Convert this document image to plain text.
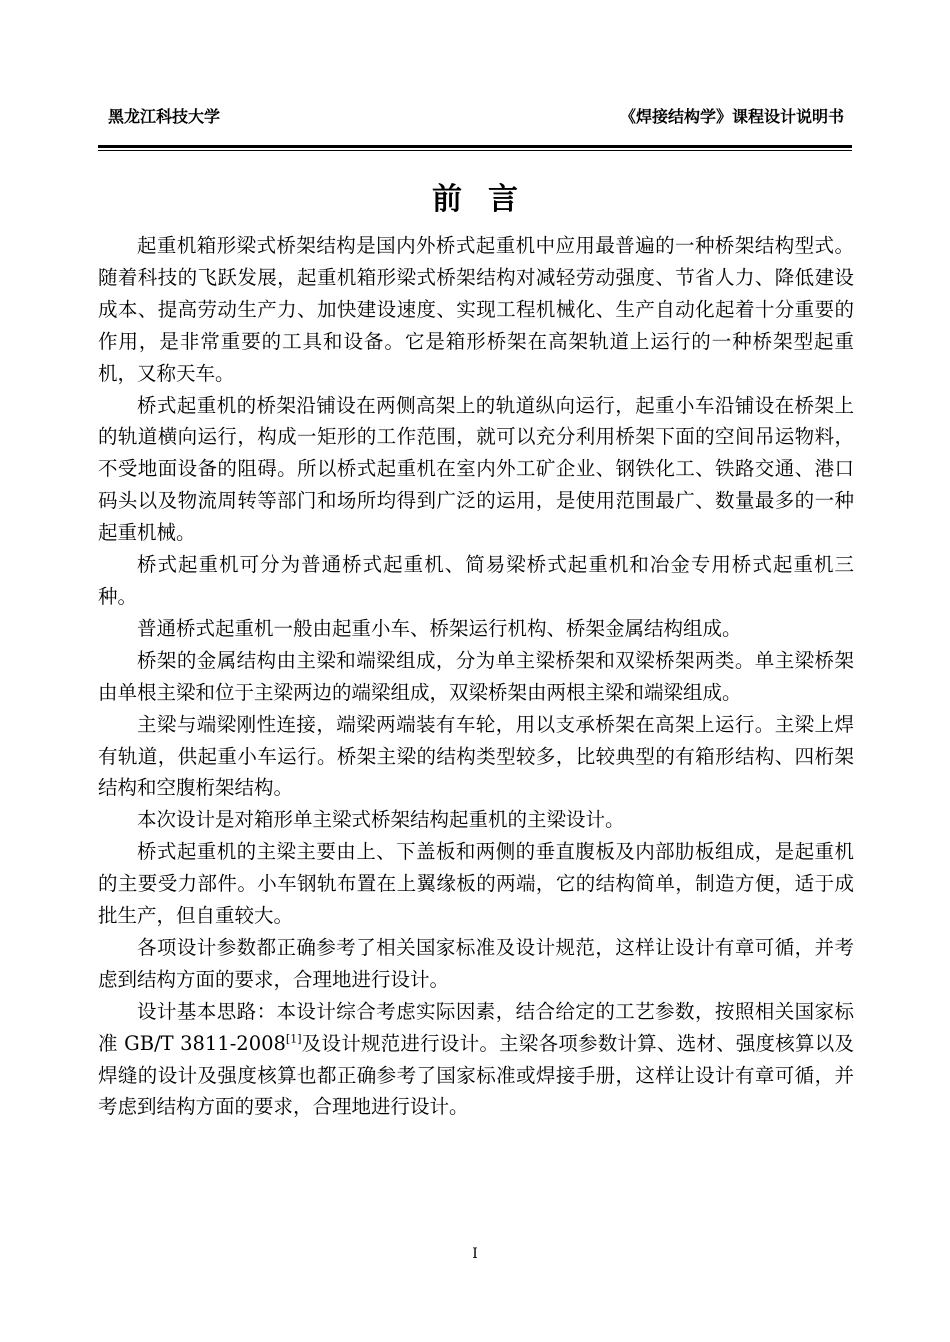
黑龙江科技大学	《焊接结构学》课程设计说明书
前言

起重机箱形梁式桥架结构是国内外桥式起重机中应用最普遍的一种桥架结构型式。随着科技的飞跃发展，起重机箱形梁式桥架结构对减轻劳动强度、节省人力、降低建设成本、提高劳动生产力、加快建设速度、实现工程机械化、生产自动化起着十分重要的作用，是非常重要的工具和设备。它是箱形桥架在高架轨道上运行的一种桥架型起重机，又称天车。

桥式起重机的桥架沿铺设在两侧高架上的轨道纵向运行，起重小车沿铺设在桥架上的轨道横向运行，构成一矩形的工作范围，就可以充分利用桥架下面的空间吊运物料，不受地面设备的阻碍。所以桥式起重机在室内外工矿企业、钢铁化工、铁路交通、港口码头以及物流周转等部门和场所均得到广泛的运用，是使用范围最广、数量最多的一种起重机械。

桥式起重机可分为普通桥式起重机、简易梁桥式起重机和冶金专用桥式起重机三种。

普通桥式起重机一般由起重小车、桥架运行机构、桥架金属结构组成。

桥架的金属结构由主梁和端梁组成，分为单主梁桥架和双梁桥架两类。单主梁桥架由单根主梁和位于主梁两边的端梁组成，双梁桥架由两根主梁和端梁组成。

主梁与端梁刚性连接，端梁两端装有车轮，用以支承桥架在高架上运行。主梁上焊有轨道，供起重小车运行。桥架主梁的结构类型较多，比较典型的有箱形结构、四桁架结构和空腹桁架结构。

本次设计是对箱形单主梁式桥架结构起重机的主梁设计。

桥式起重机的主梁主要由上、下盖板和两侧的垂直腹板及内部肋板组成，是起重机的主要受力部件。小车钢轨布置在上翼缘板的两端，它的结构简单，制造方便，适于成批生产，但自重较大。

各项设计参数都正确参考了相关国家标准及设计规范，这样让设计有章可循，并考虑到结构方面的要求，合理地进行设计。

设计基本思路：本设计综合考虑实际因素，结合给定的工艺参数，按照相关国家标准 GB/T 3811-2008[1]及设计规范进行设计。主梁各项参数计算、选材、强度核算以及焊缝的设计及强度核算也都正确参考了国家标准或焊接手册，这样让设计有章可循，并考虑到结构方面的要求，合理地进行设计。

I
